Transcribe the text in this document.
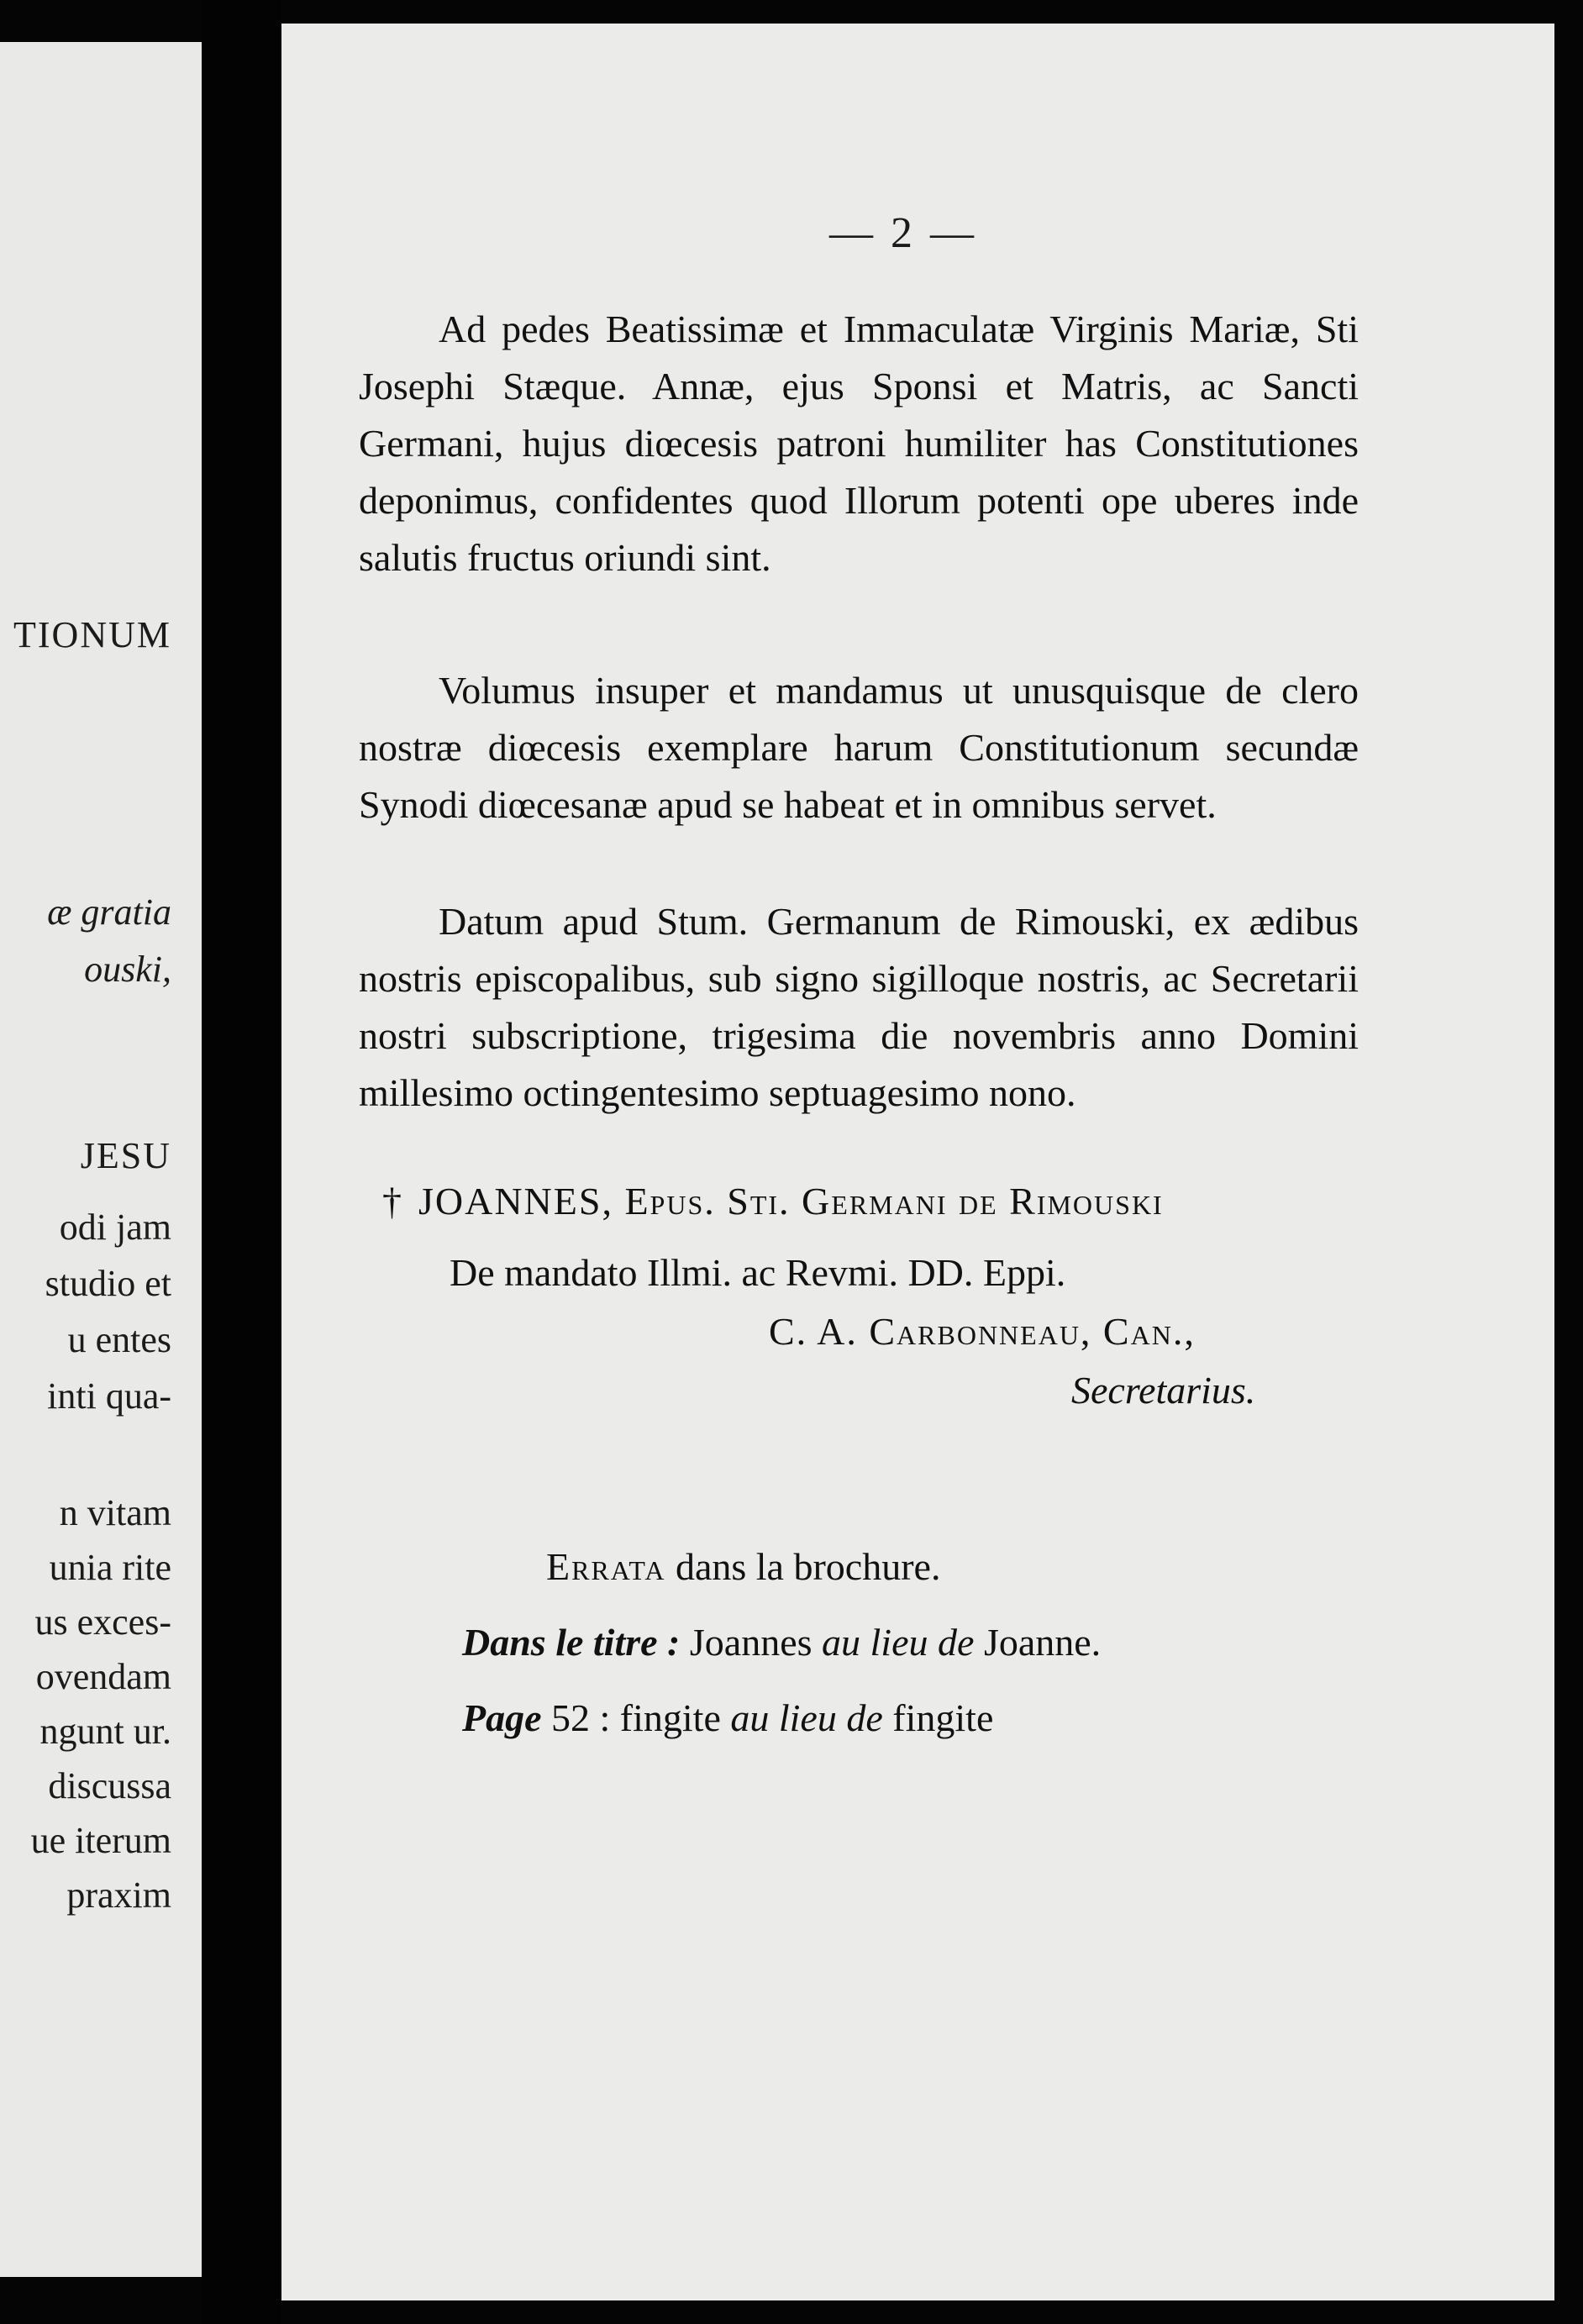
TIONUM
æ gratia
ouski,
JESU
odi jam
studio et
u entes
inti qua-
n vitam
unia rite
us exces-
ovendam
ngunt ur.
discussa
ue iterum
praxim
— 2 —

Ad pedes Beatissimæ et Immaculatæ Virginis Mariæ, Sti Josephi Stæque. Annæ, ejus Sponsi et Matris, ac Sancti Germani, hujus diœcesis patroni humiliter has Constitutiones deponimus, confidentes quod Illorum potenti ope uberes inde salutis fructus oriundi sint.

Volumus insuper et mandamus ut unusquisque de clero nostræ diœcesis exemplare harum Constitutionum secundæ Synodi diœcesanæ apud se habeat et in omnibus servet.

Datum apud Stum. Germanum de Rimouski, ex ædibus nostris episcopalibus, sub signo sigilloque nostris, ac Secretarii nostri subscriptione, trigesima die novembris anno Domini millesimo octingentesimo septuagesimo nono.

† JOANNES, Epus. Sti. Germani de Rimouski
De mandato Illmi. ac Revmi. DD. Eppi.
C. A. Carbonneau, Can.,
Secretarius.
Errata dans la brochure.
Dans le titre : Joannes au lieu de Joanne.
Page 52 : fingite au lieu de fingite
